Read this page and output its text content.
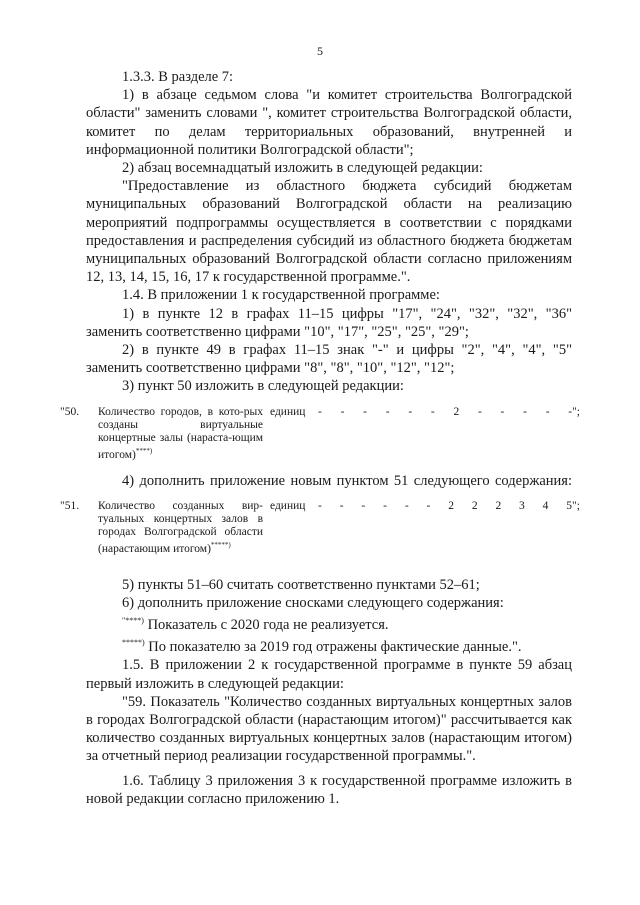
5

1.3.3. В разделе 7:

1) в абзаце седьмом слова "и комитет строительства Волгоградской области" заменить словами ", комитет строительства Волгоградской области, комитет по делам территориальных образований, внутренней и информационной политики Волгоградской области";

2) абзац восемнадцатый изложить в следующей редакции:

"Предоставление из областного бюджета субсидий бюджетам муниципальных образований Волгоградской области на реализацию мероприятий подпрограммы осуществляется в соответствии с порядками предоставления и распределения субсидий из областного бюджета бюджетам муниципальных образований Волгоградской области согласно приложениям 12, 13, 14, 15, 16, 17 к государственной программе.".

1.4. В приложении 1 к государственной программе:

1) в пункте 12 в графах 11–15 цифры "17", "24", "32", "32", "36" заменить соответственно цифрами "10", "17", "25", "25", "29";

2) в пункте 49 в графах 11–15 знак "-" и цифры "2", "4", "4", "5" заменить соответственно цифрами "8", "8", "10", "12", "12";

3) пункт 50 изложить в следующей редакции:

"50. Количество городов, в кото-рых созданы виртуальные концертные залы (нараста-ющим итогом)****)
единиц - - - - - - 2 - - - - -";

4) дополнить приложение новым пунктом 51 следующего содержания:

"51. Количество созданных вир-туальных концертных залов в городах Волгоградской области (нарастающим итогом)*****)
единиц - - - - - - 2 2 2 3 4 5";

5) пункты 51–60 считать соответственно пунктами 52–61;

6) дополнить приложение сносками следующего содержания:

"****) Показатель с 2020 года не реализуется.

*****) По показателю за 2019 год отражены фактические данные.".

1.5. В приложении 2 к государственной программе в пункте 59 абзац первый изложить в следующей редакции:

"59. Показатель "Количество созданных виртуальных концертных залов в городах Волгоградской области (нарастающим итогом)" рассчитывается как количество созданных виртуальных концертных залов (нарастающим итогом) за отчетный период реализации государственной программы.".

1.6. Таблицу 3 приложения 3 к государственной программе изложить в новой редакции согласно приложению 1.
